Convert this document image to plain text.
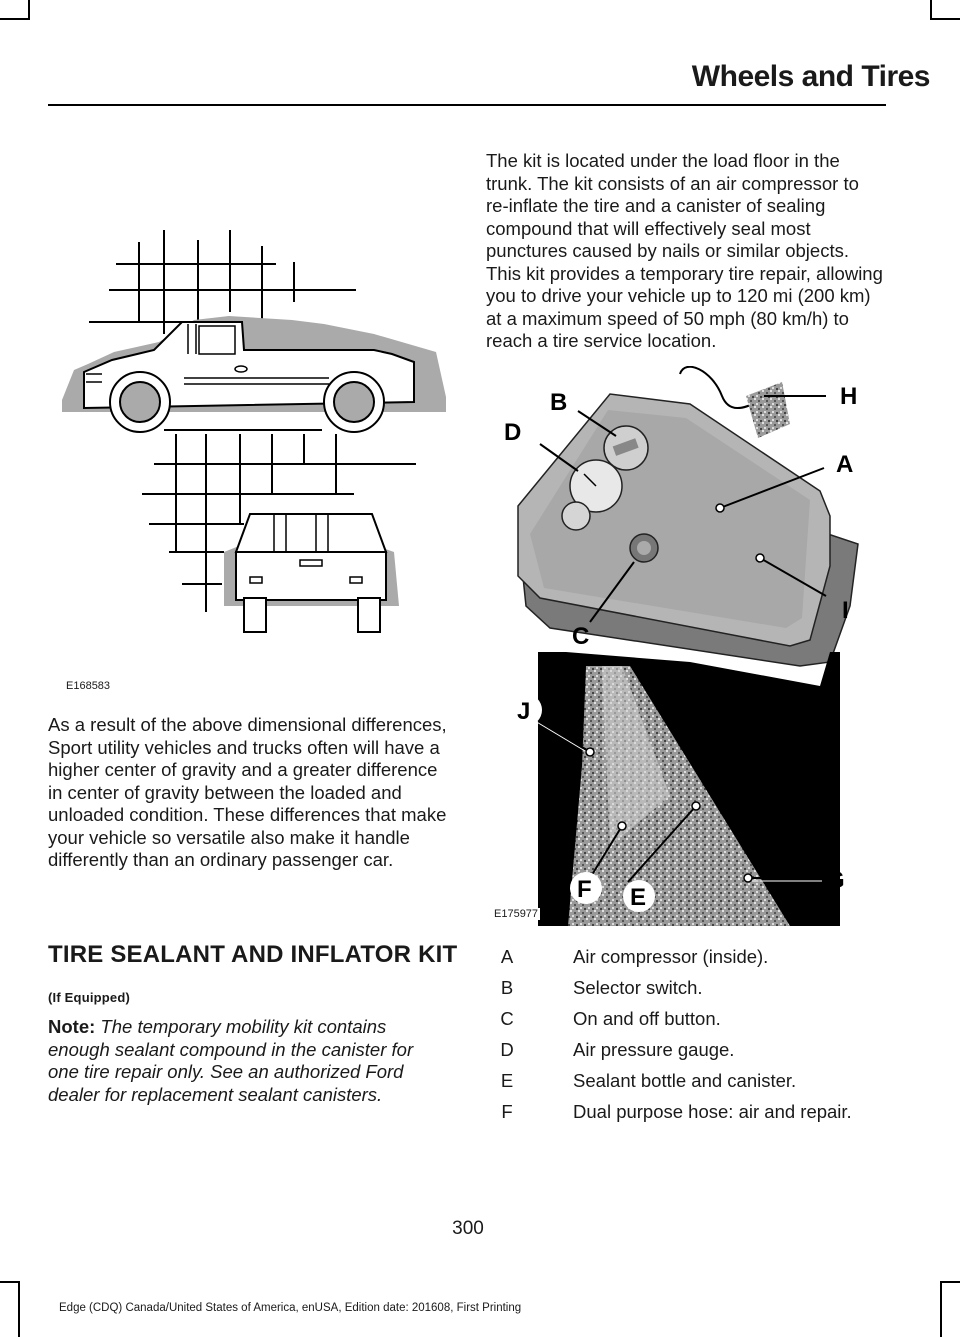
Wheels and Tires
E168583

As a result of the above dimensional differences, Sport utility vehicles and trucks often will have a higher center of gravity and a greater difference in center of gravity between the loaded and unloaded condition. These differences that make your vehicle so versatile also make it handle differently than an ordinary passenger car.

TIRE SEALANT AND INFLATOR KIT (If Equipped)

Note: The temporary mobility kit contains enough sealant compound in the canister for one tire repair only. See an authorized Ford dealer for replacement sealant canisters.

The kit is located under the load floor in the trunk. The kit consists of an air compressor to re-inflate the tire and a canister of sealing compound that will effectively seal most punctures caused by nails or similar objects. This kit provides a temporary tire repair, allowing you to drive your vehicle up to 120 mi (200 km) at a maximum speed of 50 mph (80 km/h) to reach a tire service location.

H
B
D
A
I
C
G
J
F E
E175977
A	Air compressor (inside).
B	Selector switch.
C	On and off button.
D	Air pressure gauge.
E	Sealant bottle and canister.
F	Dual purpose hose: air and repair.
300
Edge (CDQ) Canada/United States of America, enUSA, Edition date: 201608, First Printing
